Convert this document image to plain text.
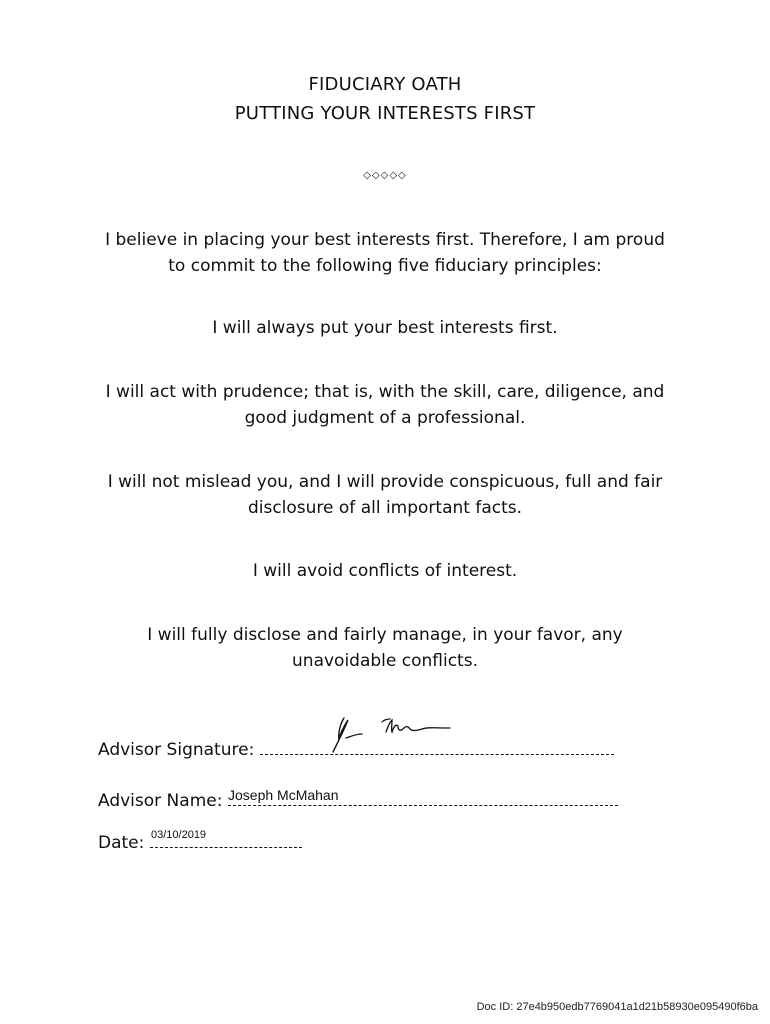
FIDUCIARY OATH
PUTTING YOUR INTERESTS FIRST
◇◇◇◇◇
I believe in placing your best interests first. Therefore, I am proud to commit to the following five fiduciary principles:
I will always put your best interests first.
I will act with prudence; that is, with the skill, care, diligence, and good judgment of a professional.
I will not mislead you, and I will provide conspicuous, full and fair disclosure of all important facts.
I will avoid conflicts of interest.
I will fully disclose and fairly manage, in your favor, any unavoidable conflicts.
Advisor Signature:
Advisor Name: Joseph McMahan
Date: 03/10/2019
Doc ID: 27e4b950edb7769041a1d21b58930e095490f6ba
